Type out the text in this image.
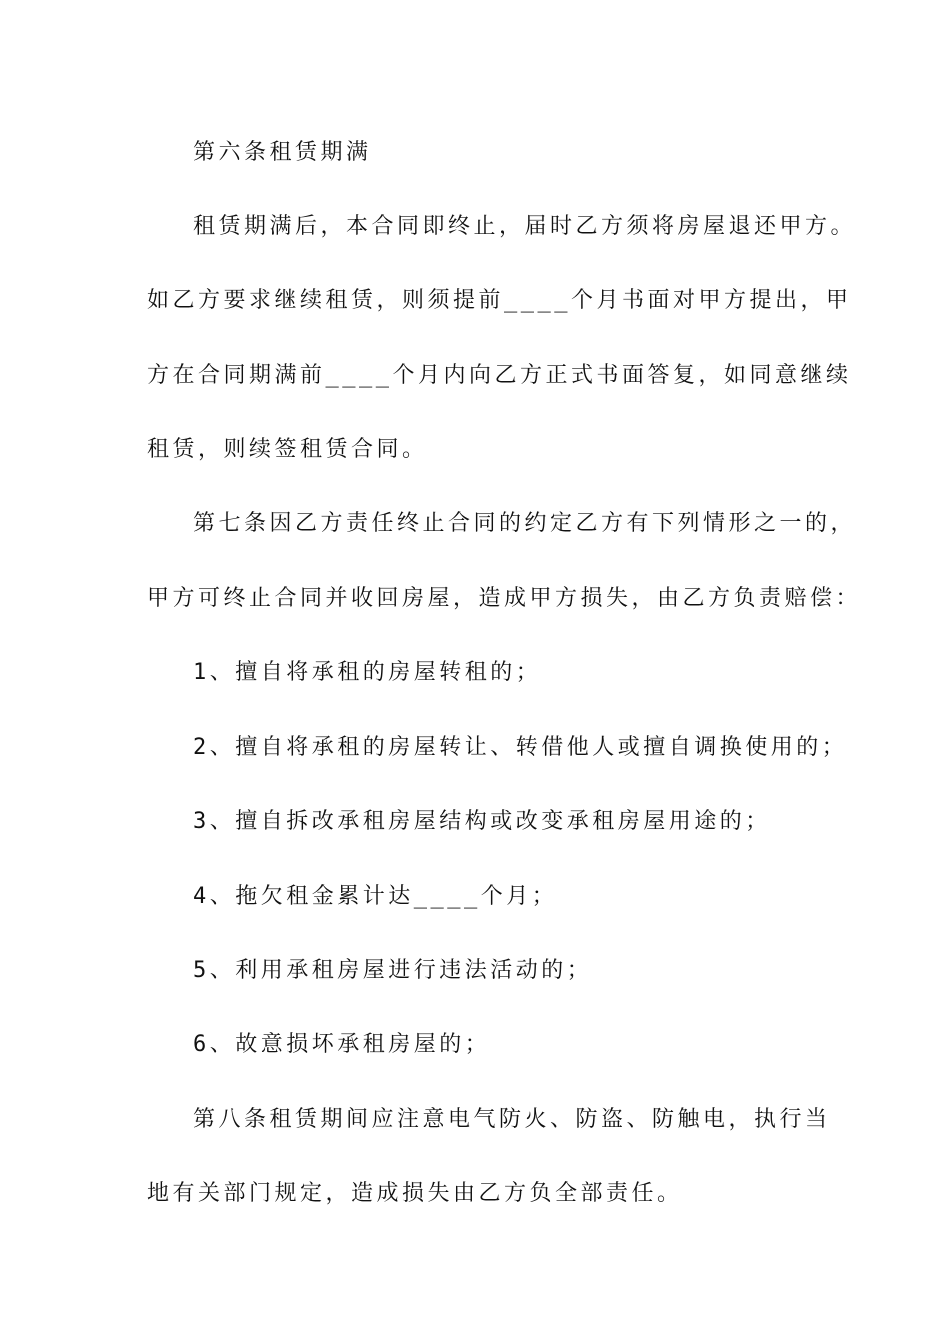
第六条租赁期满
租赁期满后，本合同即终止，届时乙方须将房屋退还甲方。
如乙方要求继续租赁，则须提前____个月书面对甲方提出，甲
方在合同期满前____个月内向乙方正式书面答复，如同意继续
租赁，则续签租赁合同。
第七条因乙方责任终止合同的约定乙方有下列情形之一的，
甲方可终止合同并收回房屋，造成甲方损失，由乙方负责赔偿：
1、擅自将承租的房屋转租的；
2、擅自将承租的房屋转让、转借他人或擅自调换使用的；
3、擅自拆改承租房屋结构或改变承租房屋用途的；
4、拖欠租金累计达____个月；
5、利用承租房屋进行违法活动的；
6、故意损坏承租房屋的；
第八条租赁期间应注意电气防火、防盗、防触电，执行当
地有关部门规定，造成损失由乙方负全部责任。
